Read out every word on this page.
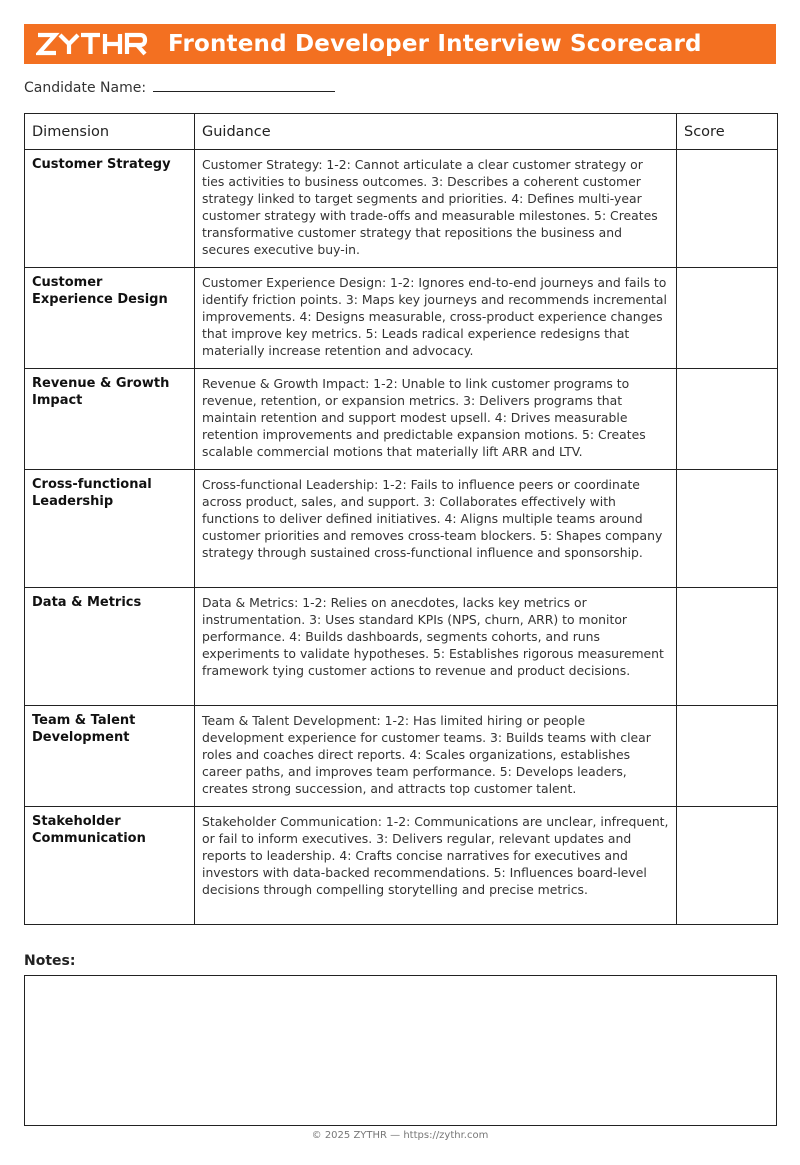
Frontend Developer Interview Scorecard
Candidate Name:
Dimension	Guidance	Score
Customer Strategy	Customer Strategy: 1-2: Cannot articulate a clear customer strategy or ties activities to business outcomes. 3: Describes a coherent customer strategy linked to target segments and priorities. 4: Defines multi-year customer strategy with trade-offs and measurable milestones. 5: Creates transformative customer strategy that repositions the business and secures executive buy-in.	
Customer Experience Design	Customer Experience Design: 1-2: Ignores end-to-end journeys and fails to identify friction points. 3: Maps key journeys and recommends incremental improvements. 4: Designs measurable, cross-product experience changes that improve key metrics. 5: Leads radical experience redesigns that materially increase retention and advocacy.	
Revenue & Growth Impact	Revenue & Growth Impact: 1-2: Unable to link customer programs to revenue, retention, or expansion metrics. 3: Delivers programs that maintain retention and support modest upsell. 4: Drives measurable retention improvements and predictable expansion motions. 5: Creates scalable commercial motions that materially lift ARR and LTV.	
Cross-functional Leadership	Cross-functional Leadership: 1-2: Fails to influence peers or coordinate across product, sales, and support. 3: Collaborates effectively with functions to deliver defined initiatives. 4: Aligns multiple teams around customer priorities and removes cross-team blockers. 5: Shapes company strategy through sustained cross-functional influence and sponsorship.	
Data & Metrics	Data & Metrics: 1-2: Relies on anecdotes, lacks key metrics or instrumentation. 3: Uses standard KPIs (NPS, churn, ARR) to monitor performance. 4: Builds dashboards, segments cohorts, and runs experiments to validate hypotheses. 5: Establishes rigorous measurement framework tying customer actions to revenue and product decisions.	
Team & Talent Development	Team & Talent Development: 1-2: Has limited hiring or people development experience for customer teams. 3: Builds teams with clear roles and coaches direct reports. 4: Scales organizations, establishes career paths, and improves team performance. 5: Develops leaders, creates strong succession, and attracts top customer talent.	
Stakeholder Communication	Stakeholder Communication: 1-2: Communications are unclear, infrequent, or fail to inform executives. 3: Delivers regular, relevant updates and reports to leadership. 4: Crafts concise narratives for executives and investors with data-backed recommendations. 5: Influences board-level decisions through compelling storytelling and precise metrics.	
Notes:
© 2025 ZYTHR — https://zythr.com
